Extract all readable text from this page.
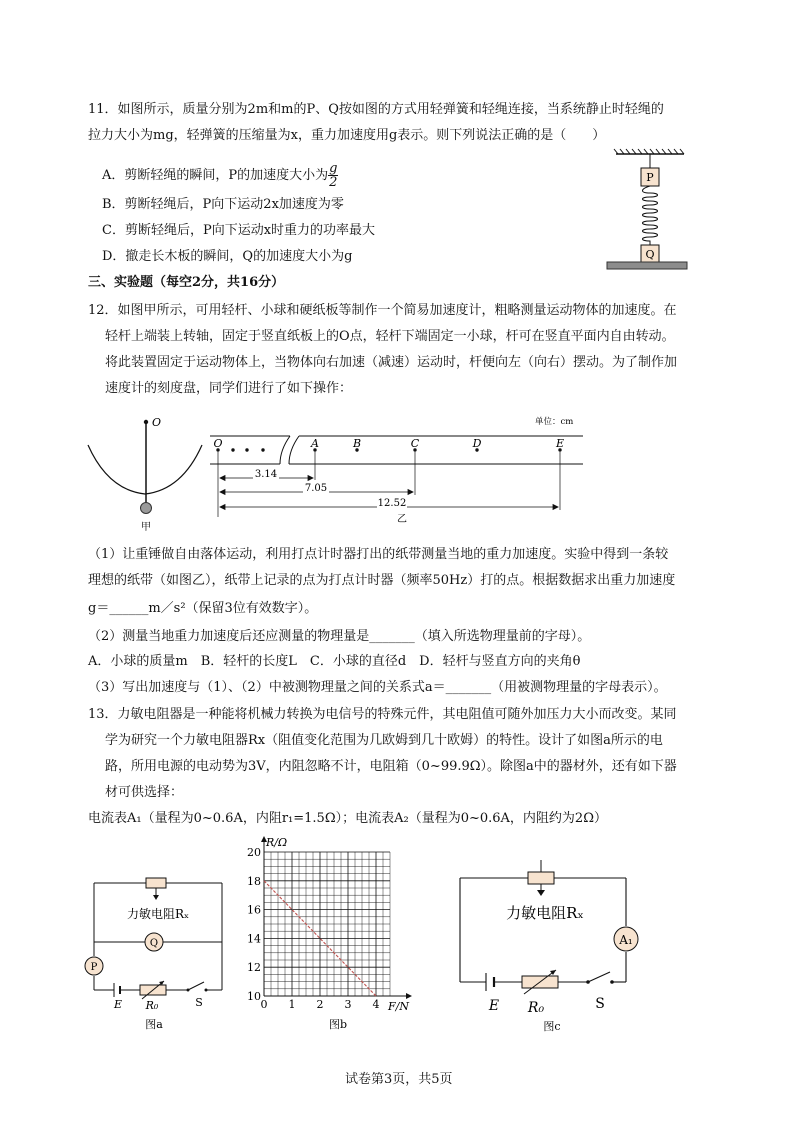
11．如图所示，质量分别为2m和m的P、Q按如图的方式用轻弹簧和轻绳连接，当系统静止时轻绳的
拉力大小为mg，轻弹簧的压缩量为x，重力加速度用g表示。则下列说法正确的是（　　）
A．剪断轻绳的瞬间，P的加速度大小为 $\frac{g}{2}$
B．剪断轻绳后，P向下运动2x加速度为零
C．剪断轻绳后，P向下运动x时重力的功率最大
D．撤走长木板的瞬间，Q的加速度大小为g
P
Q
三、实验题（每空2分，共16分）
12．如图甲所示，可用轻杆、小球和硬纸板等制作一个简易加速度计，粗略测量运动物体的加速度。在
轻杆上端装上转轴，固定于竖直纸板上的O点，轻杆下端固定一小球，杆可在竖直平面内自由转动。
将此装置固定于运动物体上，当物体向右加速（减速）运动时，杆便向左（向右）摆动。为了制作加
速度计的刻度盘，同学们进行了如下操作：
O
甲
单位：cm
O	A	B	C	D	E
3.14
7.05
12.52
乙
（1）让重锤做自由落体运动，利用打点计时器打出的纸带测量当地的重力加速度。实验中得到一条较
理想的纸带（如图乙），纸带上记录的点为打点计时器（频率50Hz）打的点。根据数据求出重力加速度
g＝______m／s²（保留3位有效数字）。
（2）测量当地重力加速度后还应测量的物理量是_______（填入所选物理量前的字母）。
A．小球的质量m　B．轻杆的长度L　C．小球的直径d　D．轻杆与竖直方向的夹角θ
（3）写出加速度与（1）、（2）中被测物理量之间的关系式a＝_______（用被测物理量的字母表示）。
13．力敏电阻器是一种能将机械力转换为电信号的特殊元件，其电阻值可随外加压力大小而改变。某同
学为研究一个力敏电阻器Rx（阻值变化范围为几欧姆到几十欧姆）的特性。设计了如图a所示的电
路，所用电源的电动势为3V，内阻忽略不计，电阻箱（0~99.9Ω）。除图a中的器材外，还有如下器
材可供选择：
电流表A₁（量程为0~0.6A，内阻r₁=1.5Ω）；电流表A₂（量程为0~0.6A，内阻约为2Ω）
力敏电阻Rₓ
Q
P
E R₀	S
图a
0 1 2 3 4
10
12
14
16
18
20
R/Ω
F/N
图b
力敏电阻Rₓ
A₁
E R₀	S
图c
试卷第3页，共5页
